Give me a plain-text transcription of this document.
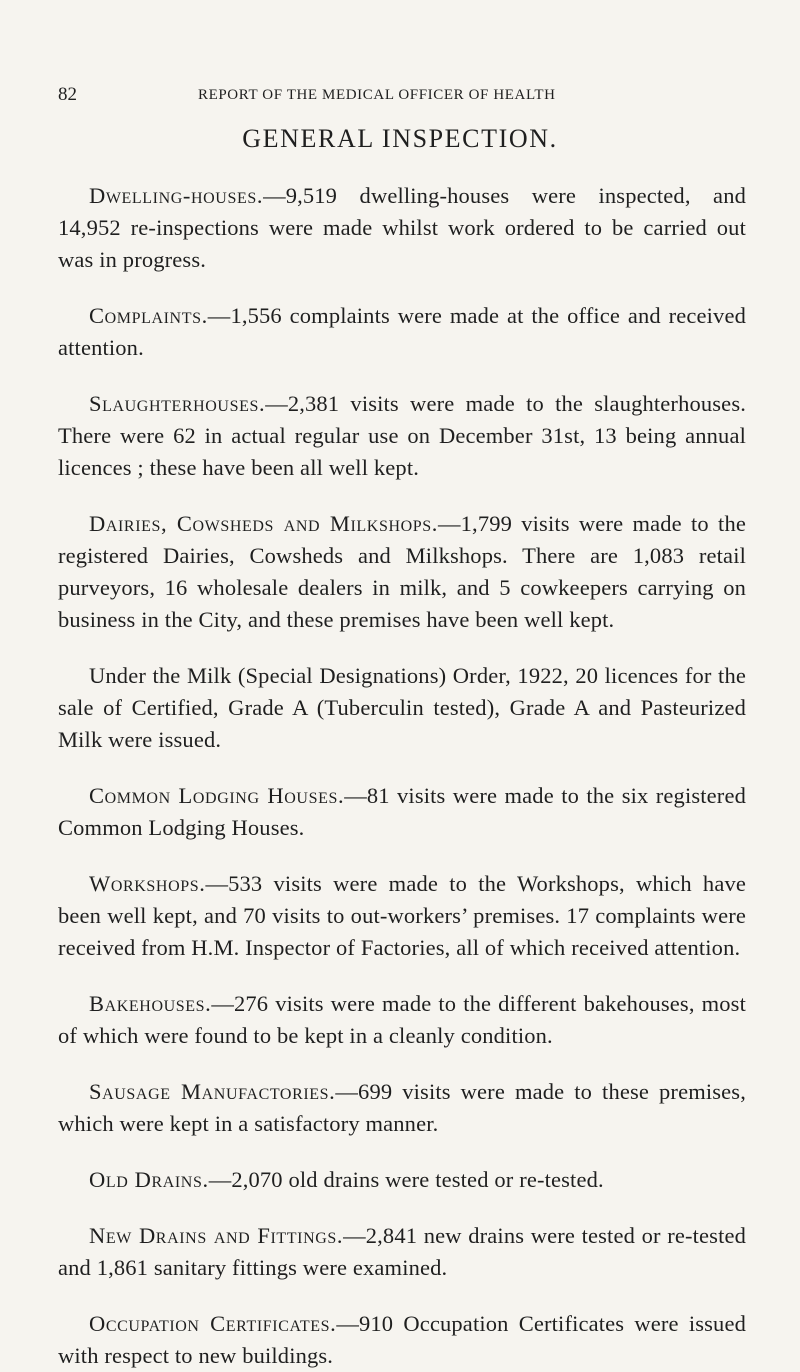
82	REPORT OF THE MEDICAL OFFICER OF HEALTH
GENERAL INSPECTION.

Dwelling-houses.—9,519 dwelling-houses were inspected, and 14,952 re-inspections were made whilst work ordered to be carried out was in progress.

Complaints.—1,556 complaints were made at the office and received attention.

Slaughterhouses.—2,381 visits were made to the slaughterhouses. There were 62 in actual regular use on December 31st, 13 being annual licences ; these have been all well kept.

Dairies, Cowsheds and Milkshops.—1,799 visits were made to the registered Dairies, Cowsheds and Milkshops. There are 1,083 retail purveyors, 16 wholesale dealers in milk, and 5 cowkeepers carrying on business in the City, and these premises have been well kept.

Under the Milk (Special Designations) Order, 1922, 20 licences for the sale of Certified, Grade A (Tuberculin tested), Grade A and Pasteurized Milk were issued.

Common Lodging Houses.—81 visits were made to the six registered Common Lodging Houses.

Workshops.—533 visits were made to the Workshops, which have been well kept, and 70 visits to out-workers’ premises. 17 complaints were received from H.M. Inspector of Factories, all of which received attention.

Bakehouses.—276 visits were made to the different bakehouses, most of which were found to be kept in a cleanly condition.

Sausage Manufactories.—699 visits were made to these premises, which were kept in a satisfactory manner.

Old Drains.—2,070 old drains were tested or re-tested.

New Drains and Fittings.—2,841 new drains were tested or re-tested and 1,861 sanitary fittings were examined.

Occupation Certificates.—910 Occupation Certificates were issued with respect to new buildings.
